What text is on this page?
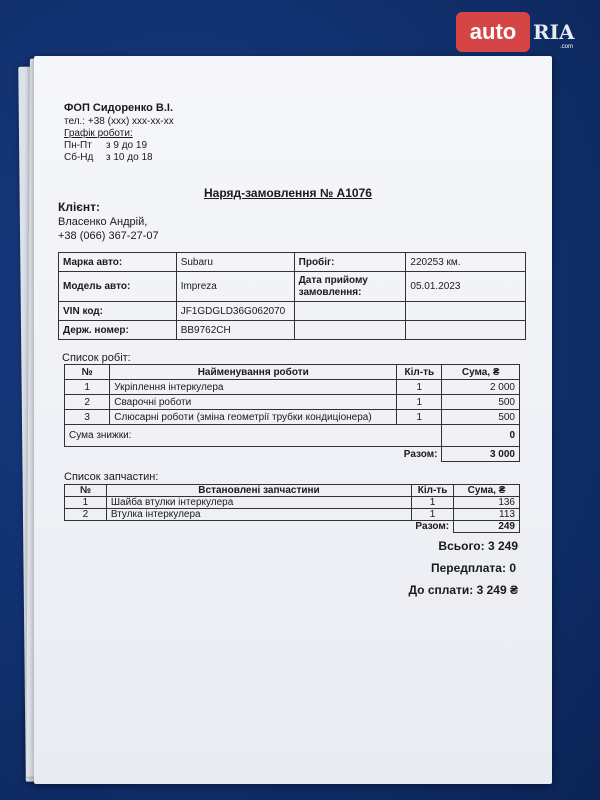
ФОП Сидоренко В.І.
тел.: +38 (xxx) xxx-xx-xx
Графік роботи:
Пн-Пт з 9 до 19
Сб-Нд з 10 до 18
Наряд-замовлення № А1076
Клієнт:
Власенко Андрій,
+38 (066) 367-27-07
Марка авто:	Subaru	Пробіг:	220253 км.
Модель авто:	Impreza	Дата прийому
замовлення:	05.01.2023
VIN код:	JF1GDGLD36G062070		
Держ. номер:	BB9762CH		
Список робіт:
№	Найменування роботи	Кіл-ть	Сума, ₴
1	Укріплення інтеркулера	1	2 000
2	Сварочні роботи	1	500
3	Слюсарні роботи (зміна геометрії трубки кондиціонера)	1	500
Сума знижки:			0
Разом:			3 000
Список запчастин:
№	Встановлені запчастини	Кіл-ть	Сума, ₴
1	Шайба втулки інтеркулера	1	136
2	Втулка інтеркулера	1	113
Разом:			249
Всього: 3 249
Передплата: 0
До сплати: 3 249 ₴
auto RIA
.com
